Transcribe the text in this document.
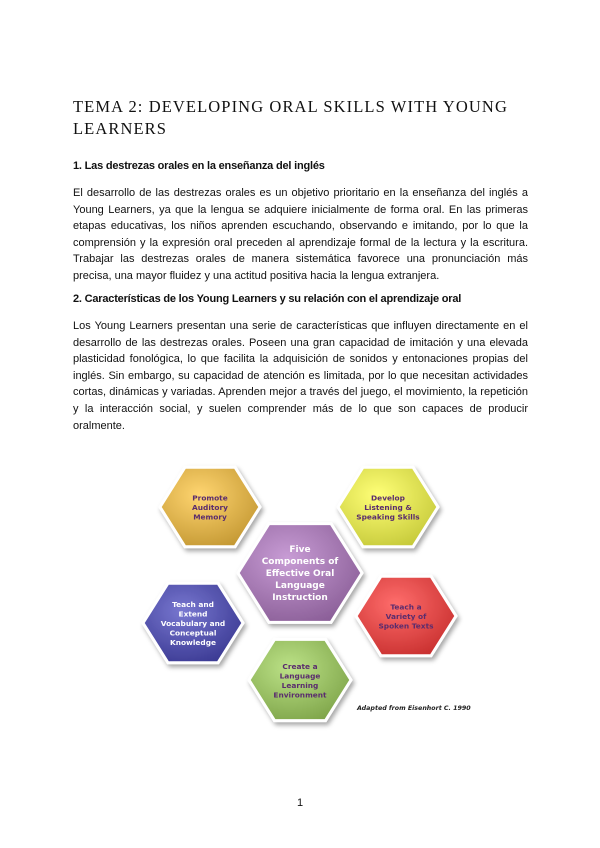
TEMA 2: DEVELOPING ORAL SKILLS WITH YOUNG LEARNERS
1. Las destrezas orales en la enseñanza del inglés

El desarrollo de las destrezas orales es un objetivo prioritario en la enseñanza del inglés a Young Learners, ya que la lengua se adquiere inicialmente de forma oral. En las primeras etapas educativas, los niños aprenden escuchando, observando e imitando, por lo que la comprensión y la expresión oral preceden al aprendizaje formal de la lectura y la escritura. Trabajar las destrezas orales de manera sistemática favorece una pronunciación más precisa, una mayor fluidez y una actitud positiva hacia la lengua extranjera.

2. Características de los Young Learners y su relación con el aprendizaje oral

Los Young Learners presentan una serie de características que influyen directamente en el desarrollo de las destrezas orales. Poseen una gran capacidad de imitación y una elevada plasticidad fonológica, lo que facilita la adquisición de sonidos y entonaciones propias del inglés. Sin embargo, su capacidad de atención es limitada, por lo que necesitan actividades cortas, dinámicas y variadas. Aprenden mejor a través del juego, el movimiento, la repetición y la interacción social, y suelen comprender más de lo que son capaces de producir oralmente.

Promote
Auditory
Memory
Develop
Listening &
Speaking Skills
Teach and
Extend
Vocabulary and
Conceptual
Knowledge
Teach a
Variety of
Spoken Texts
Create a
Language
Learning
Environment
Five
Components of
Effective Oral
Language
Instruction
Adapted from Eisenhort C. 1990
1
